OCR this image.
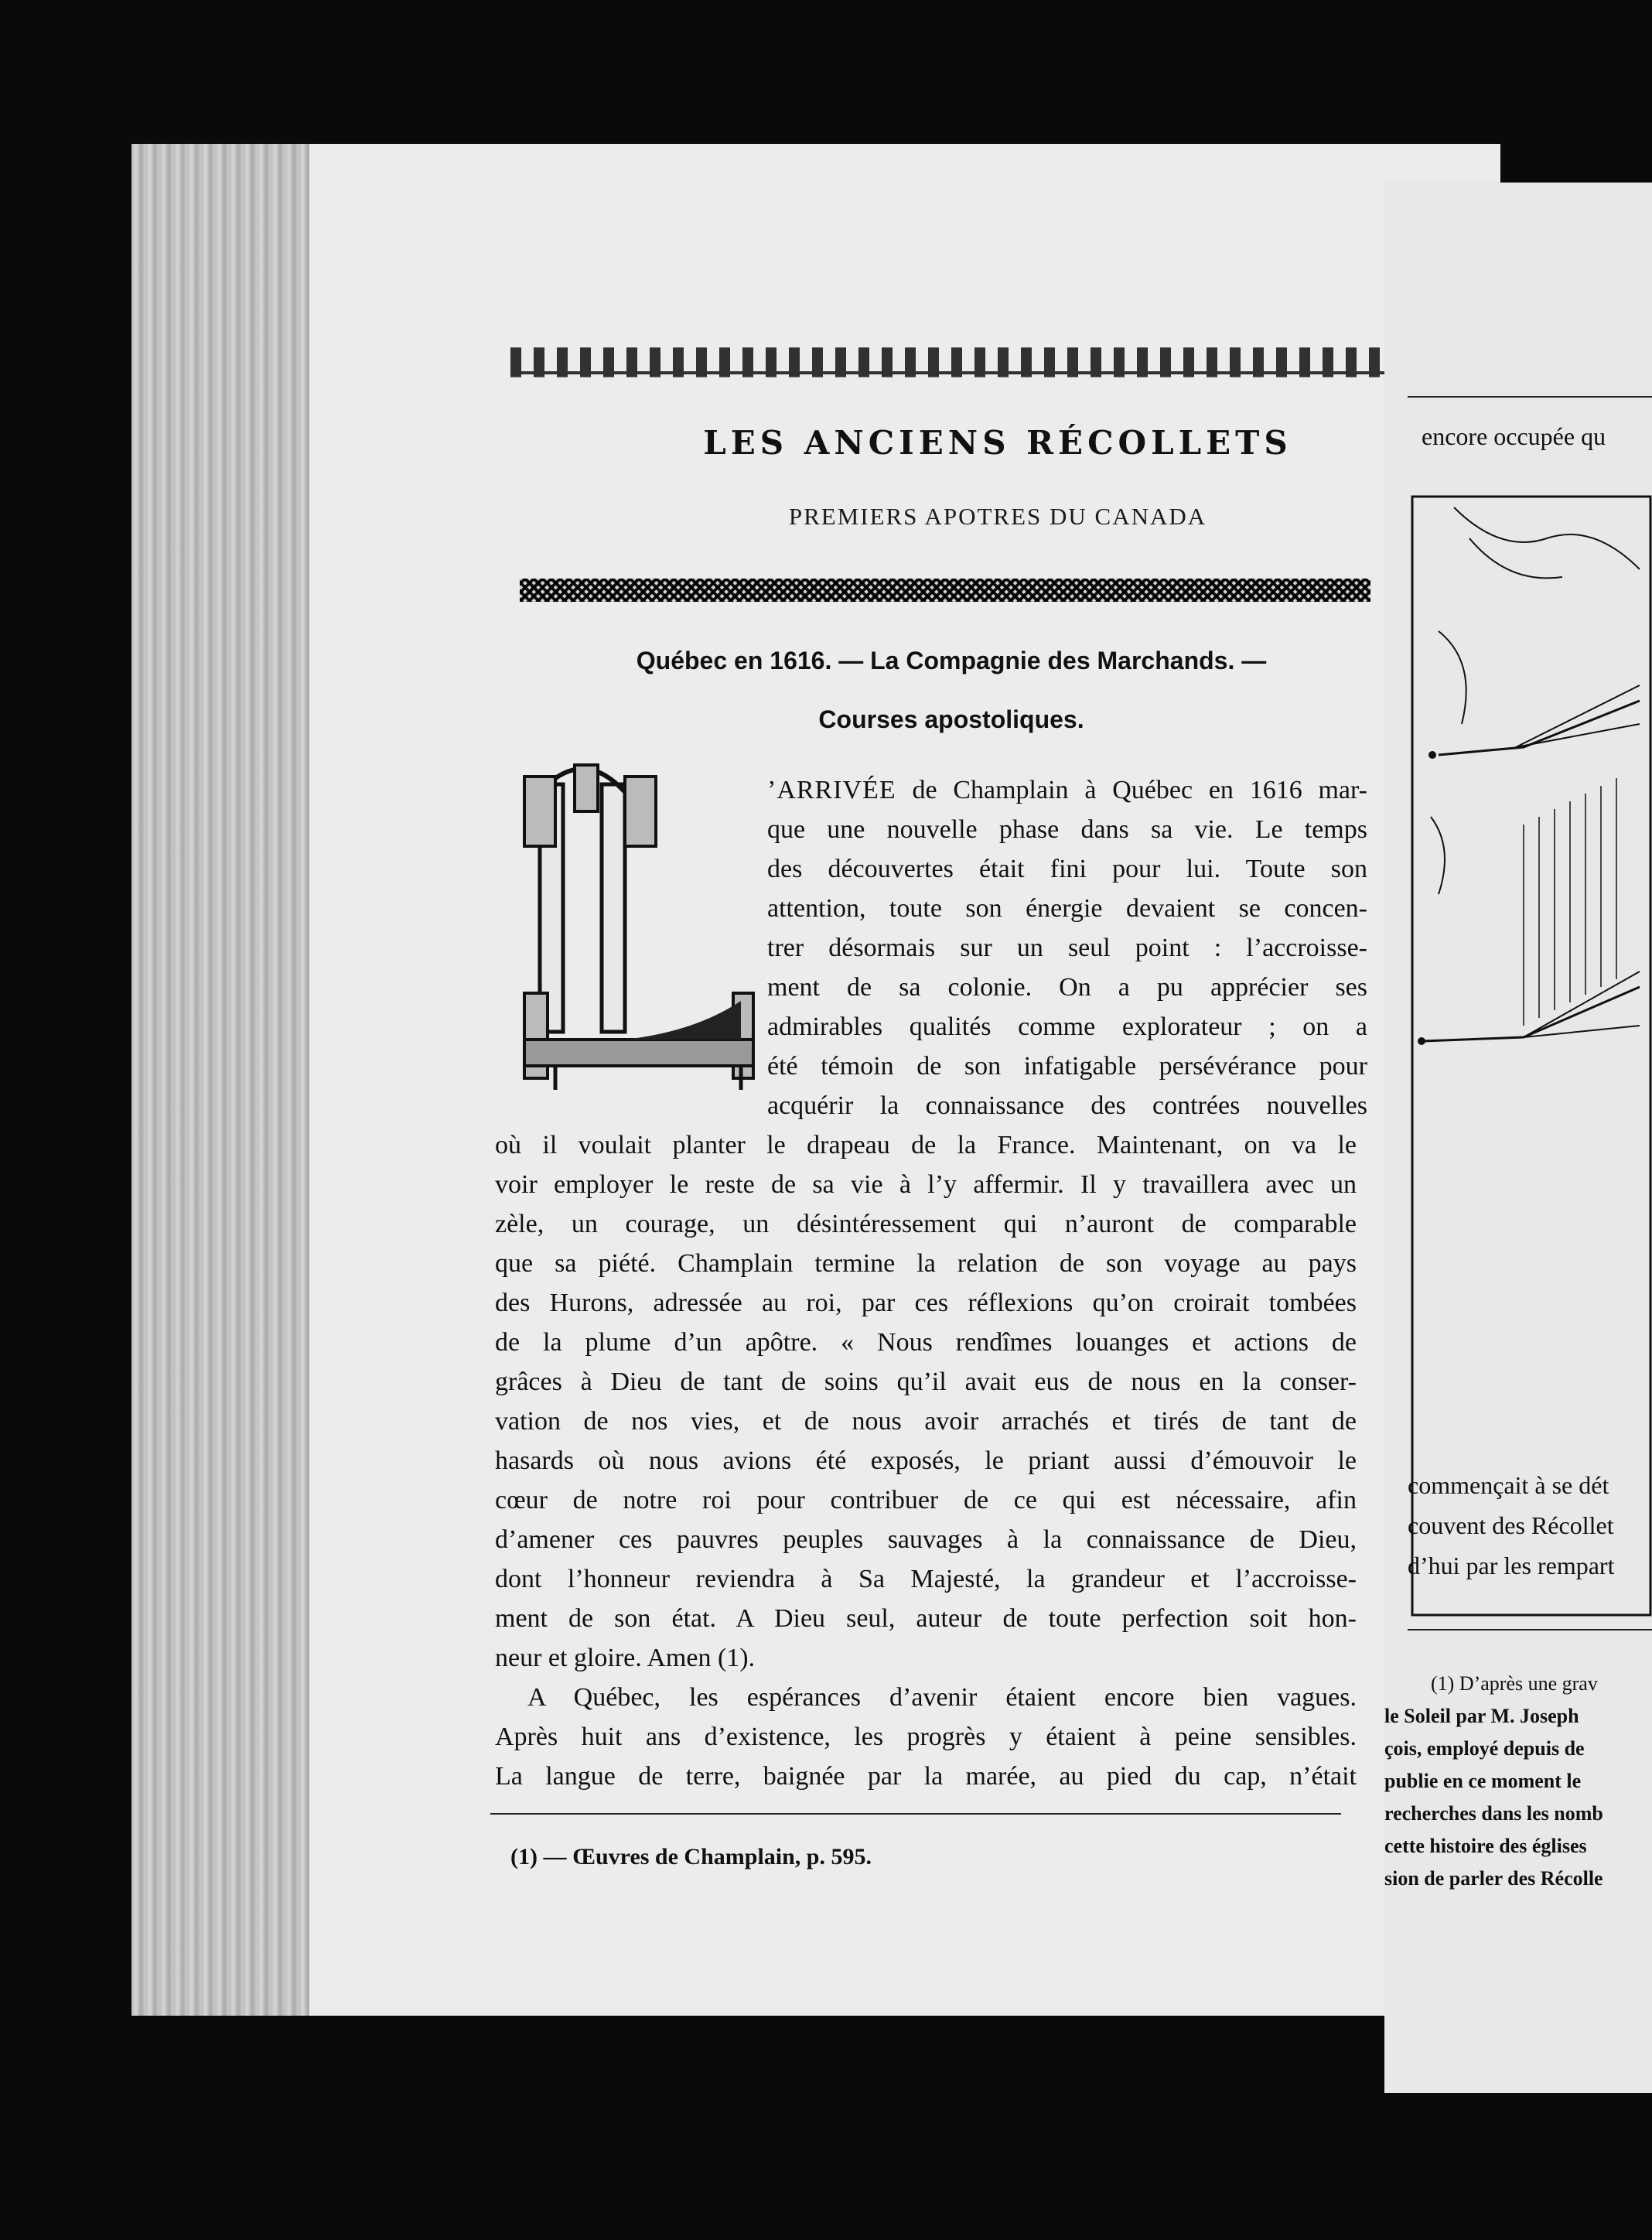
encore occupée qu
commençait à se dét
couvent des Récollet
d’hui par les rempart
(1) D’après une grav
le Soleil par M. Joseph
çois, employé depuis de
publie en ce moment le
recherches dans les nomb
cette histoire des églises
sion de parler des Récolle
LES ANCIENS RÉCOLLETS
PREMIERS APOTRES DU CANADA
Québec en 1616. — La Compagnie des Marchands. —
Courses apostoliques.
’ARRIVÉE de Champlain à Québec en 1616 mar-
que une nouvelle phase dans sa vie. Le temps
des découvertes était fini pour lui. Toute son
attention, toute son énergie devaient se concen-
trer désormais sur un seul point : l’accroisse-
ment de sa colonie. On a pu apprécier ses
admirables qualités comme explorateur ; on a
été témoin de son infatigable persévérance pour
acquérir la connaissance des contrées nouvelles
où il voulait planter le drapeau de la France. Maintenant, on va le
voir employer le reste de sa vie à l’y affermir. Il y travaillera avec un
zèle, un courage, un désintéressement qui n’auront de comparable
que sa piété. Champlain termine la relation de son voyage au pays
des Hurons, adressée au roi, par ces réflexions qu’on croirait tombées
de la plume d’un apôtre. « Nous rendîmes louanges et actions de
grâces à Dieu de tant de soins qu’il avait eus de nous en la conser-
vation de nos vies, et de nous avoir arrachés et tirés de tant de
hasards où nous avions été exposés, le priant aussi d’émouvoir le
cœur de notre roi pour contribuer de ce qui est nécessaire, afin
d’amener ces pauvres peuples sauvages à la connaissance de Dieu,
dont l’honneur reviendra à Sa Majesté, la grandeur et l’accroisse-
ment de son état. A Dieu seul, auteur de toute perfection soit hon-
neur et gloire. Amen (1).
A Québec, les espérances d’avenir étaient encore bien vagues.
Après huit ans d’existence, les progrès y étaient à peine sensibles.
La langue de terre, baignée par la marée, au pied du cap, n’était
(1) — Œuvres de Champlain, p. 595.
